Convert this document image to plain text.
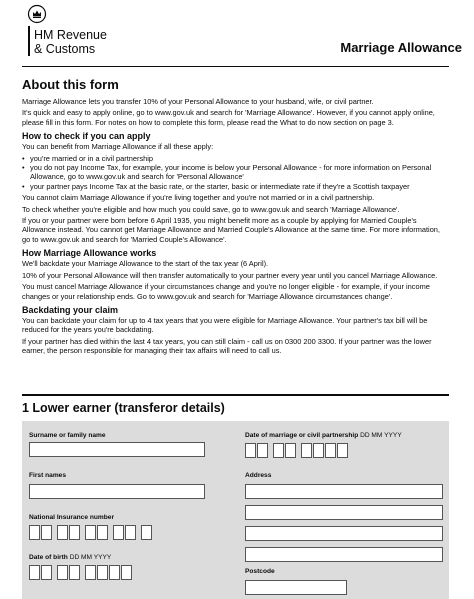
HM Revenue
& Customs	Marriage Allowance
About this form

Marriage Allowance lets you transfer 10% of your Personal Allowance to your husband, wife, or civil partner.

It's quick and easy to apply online, go to www.gov.uk and search for 'Marriage Allowance'. However, if you cannot apply online, please fill in this form. For notes on how to complete this form, please read the What to do now section on page 3.

How to check if you can apply

You can benefit from Marriage Allowance if all these apply:

• you're married or in a civil partnership
• you do not pay Income Tax, for example, your income is below your Personal Allowance - for more information on Personal Allowance, go to www.gov.uk and search for 'Personal Allowance'
• your partner pays Income Tax at the basic rate, or the starter, basic or intermediate rate if they're a Scottish taxpayer

You cannot claim Marriage Allowance if you're living together and you're not married or in a civil partnership.

To check whether you're eligible and how much you could save, go to www.gov.uk and search 'Marriage Allowance'.

If you or your partner were born before 6 April 1935, you might benefit more as a couple by applying for Married Couple's Allowance instead. You cannot get Marriage Allowance and Married Couple's Allowance at the same time. For more information, go to www.gov.uk and search for 'Married Couple's Allowance'.

How Marriage Allowance works

We'll backdate your Marriage Allowance to the start of the tax year (6 April).

10% of your Personal Allowance will then transfer automatically to your partner every year until you cancel Marriage Allowance.

You must cancel Marriage Allowance if your circumstances change and you're no longer eligible - for example, if your income changes or your relationship ends. Go to www.gov.uk and search for 'Marriage Allowance circumstances change'.

Backdating your claim

You can backdate your claim for up to 4 tax years that you were eligible for Marriage Allowance. Your partner's tax bill will be reduced for the years you're backdating.

If your partner has died within the last 4 tax years, you can still claim - call us on 0300 200 3300. If your partner was the lower earner, the person responsible for managing their tax affairs will need to call us.

1 Lower earner (transferor details)
Surname or family name
First names
National Insurance number
Date of birth DD MM YYYY
Date of marriage or civil partnership DD MM YYYY
Address
Postcode
